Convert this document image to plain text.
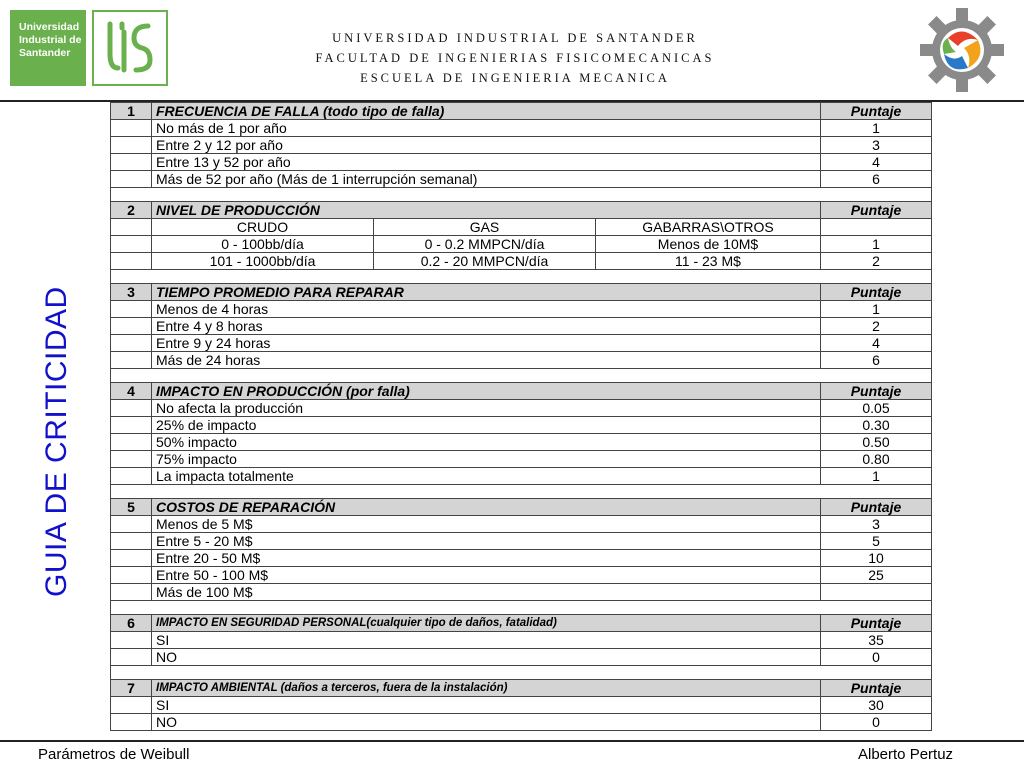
Universidad Industrial de Santander
UNIVERSIDAD INDUSTRIAL DE SANTANDER
FACULTAD DE INGENIERIAS FISICOMECANICAS
ESCUELA DE INGENIERIA MECANICA
GUIA DE CRITICIDAD
1	FRECUENCIA DE FALLA (todo tipo de falla)			Puntaje
	No más de 1 por año			1
	Entre 2 y 12 por año			3
	Entre 13 y 52 por año			4
	Más de 52 por año (Más de 1 interrupción semanal)			6

2	NIVEL DE PRODUCCIÓN			Puntaje
	CRUDO	GAS	GABARRAS\OTROS	
	0 - 100bb/día	0 - 0.2 MMPCN/día	Menos de 10M$	1
	101 - 1000bb/día	0.2 - 20 MMPCN/día	11 - 23 M$	2

3	TIEMPO PROMEDIO PARA REPARAR			Puntaje
	Menos de 4 horas			1
	Entre 4 y 8 horas			2
	Entre 9 y 24 horas			4
	Más de 24 horas			6

4	IMPACTO EN PRODUCCIÓN (por falla)			Puntaje
	No afecta la producción			0.05
	25% de impacto			0.30
	50% impacto			0.50
	75% impacto			0.80
	La impacta totalmente			1

5	COSTOS DE REPARACIÓN			Puntaje
	Menos de 5 M$			3
	Entre 5 - 20 M$			5
	Entre 20 - 50 M$			10
	Entre 50 - 100 M$			25
	Más de 100 M$			

6	IMPACTO EN SEGURIDAD PERSONAL(cualquier tipo de daños, fatalidad)			Puntaje
	SI			35
	NO			0

7	IMPACTO AMBIENTAL (daños a terceros, fuera de la instalación)			Puntaje
	SI			30
	NO			0
Parámetros de Weibull	Alberto Pertuz
